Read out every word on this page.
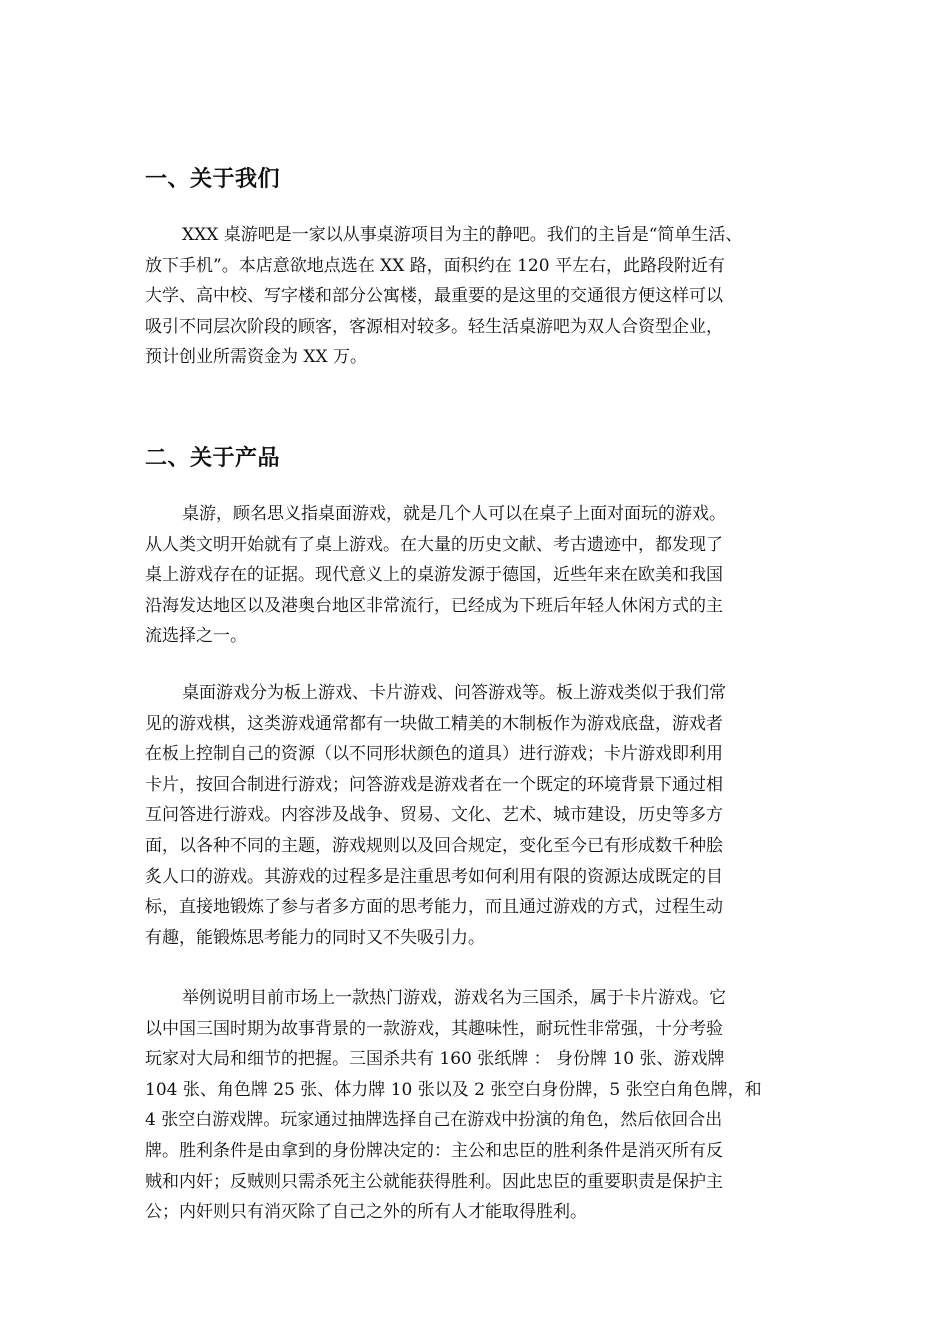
一、关于我们
XXX 桌游吧是一家以从事桌游项目为主的静吧。我们的主旨是“简单生活、
放下手机”。本店意欲地点选在 XX 路，面积约在 120 平左右，此路段附近有
大学、高中校、写字楼和部分公寓楼，最重要的是这里的交通很方便这样可以
吸引不同层次阶段的顾客，客源相对较多。轻生活桌游吧为双人合资型企业，
预计创业所需资金为 XX 万。
二、关于产品
桌游，顾名思义指桌面游戏，就是几个人可以在桌子上面对面玩的游戏。
从人类文明开始就有了桌上游戏。在大量的历史文献、考古遗迹中，都发现了
桌上游戏存在的证据。现代意义上的桌游发源于德国，近些年来在欧美和我国
沿海发达地区以及港奥台地区非常流行，已经成为下班后年轻人休闲方式的主
流选择之一。
桌面游戏分为板上游戏、卡片游戏、问答游戏等。板上游戏类似于我们常
见的游戏棋，这类游戏通常都有一块做工精美的木制板作为游戏底盘，游戏者
在板上控制自己的资源（以不同形状颜色的道具）进行游戏；卡片游戏即利用
卡片，按回合制进行游戏；问答游戏是游戏者在一个既定的环境背景下通过相
互问答进行游戏。内容涉及战争、贸易、文化、艺术、城市建设，历史等多方
面，以各种不同的主题，游戏规则以及回合规定，变化至今已有形成数千种脍
炙人口的游戏。其游戏的过程多是注重思考如何利用有限的资源达成既定的目
标，直接地锻炼了参与者多方面的思考能力，而且通过游戏的方式，过程生动
有趣，能锻炼思考能力的同时又不失吸引力。
举例说明目前市场上一款热门游戏，游戏名为三国杀，属于卡片游戏。它
以中国三国时期为故事背景的一款游戏，其趣味性，耐玩性非常强，十分考验
玩家对大局和细节的把握。三国杀共有 160 张纸牌 ： 身份牌 10 张、游戏牌
104 张、角色牌 25 张、体力牌 10 张以及 2 张空白身份牌，5 张空白角色牌，和
4 张空白游戏牌。玩家通过抽牌选择自己在游戏中扮演的角色，然后依回合出
牌。胜利条件是由拿到的身份牌决定的：主公和忠臣的胜利条件是消灭所有反
贼和内奸；反贼则只需杀死主公就能获得胜利。因此忠臣的重要职责是保护主
公；内奸则只有消灭除了自己之外的所有人才能取得胜利。
